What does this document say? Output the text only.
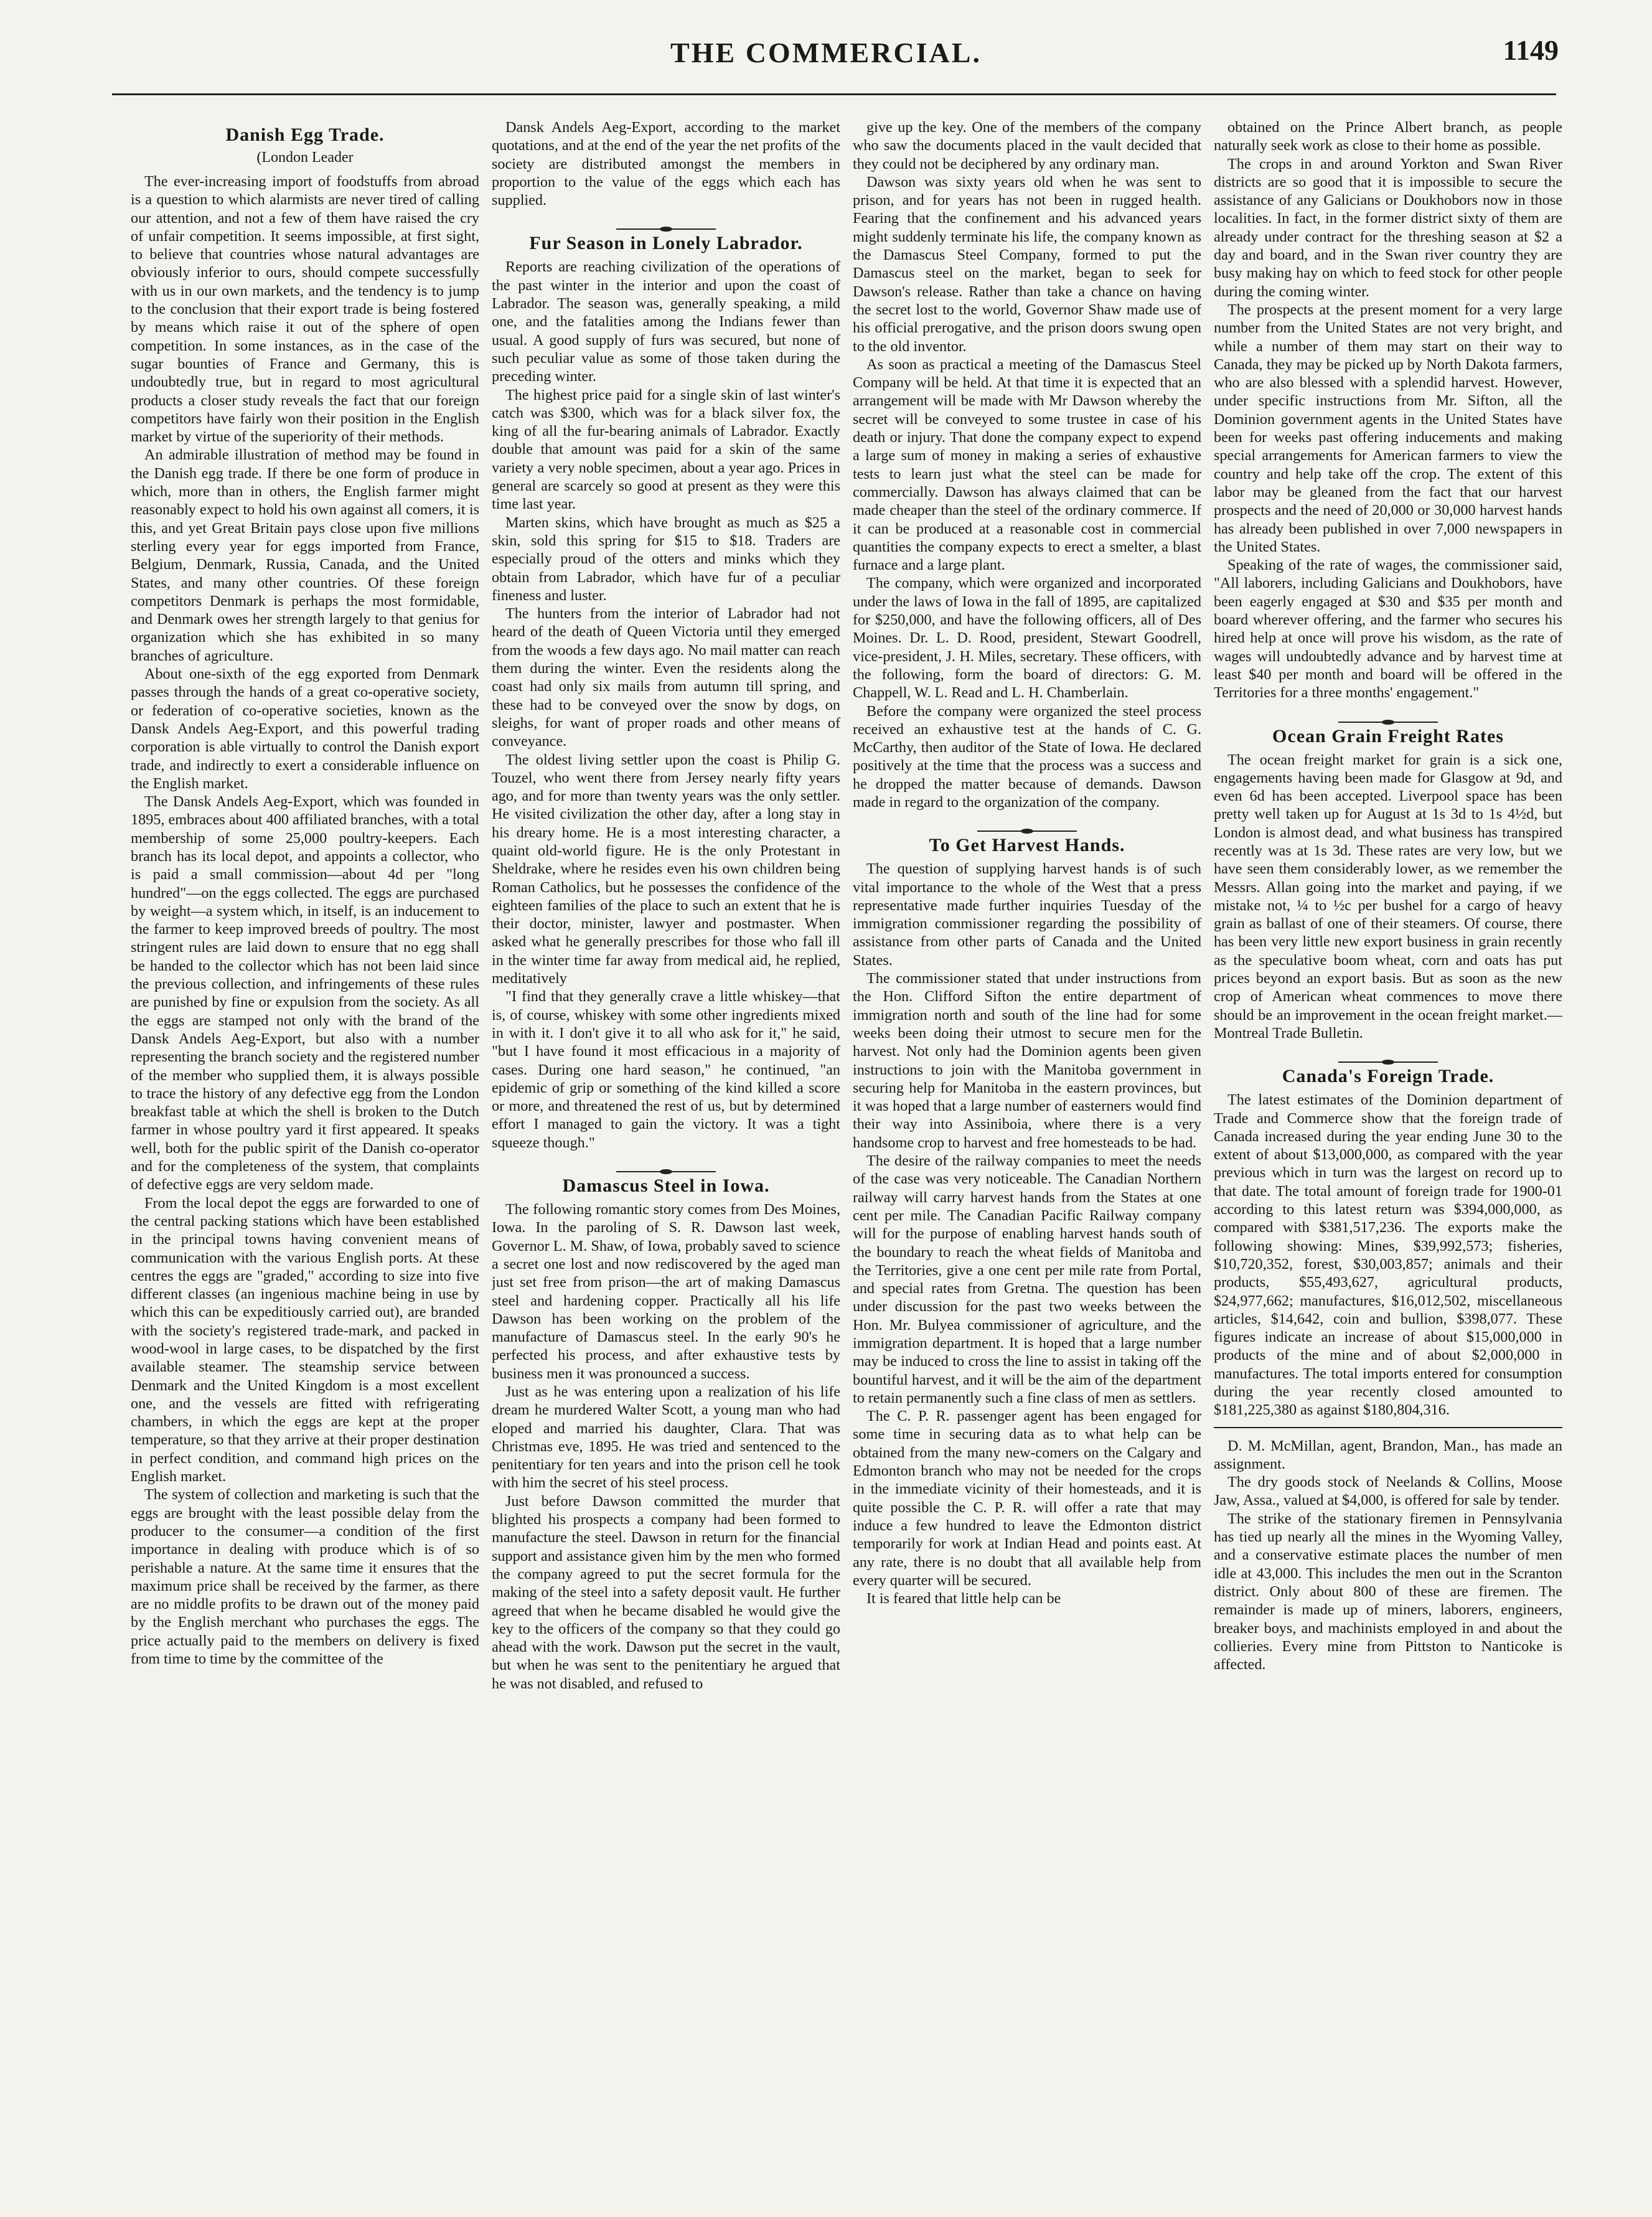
THE COMMERCIAL.	1149
Danish Egg Trade.
(London Leader

The ever-increasing import of foodstuffs from abroad is a question to which alarmists are never tired of calling our attention, and not a few of them have raised the cry of unfair competition. It seems impossible, at first sight, to believe that countries whose natural advantages are obviously inferior to ours, should compete successfully with us in our own markets, and the tendency is to jump to the conclusion that their export trade is being fostered by means which raise it out of the sphere of open competition. In some instances, as in the case of the sugar bounties of France and Germany, this is undoubtedly true, but in regard to most agricultural products a closer study reveals the fact that our foreign competitors have fairly won their position in the English market by virtue of the superiority of their methods.

An admirable illustration of method may be found in the Danish egg trade. If there be one form of produce in which, more than in others, the English farmer might reasonably expect to hold his own against all comers, it is this, and yet Great Britain pays close upon five millions sterling every year for eggs imported from France, Belgium, Denmark, Russia, Canada, and the United States, and many other countries. Of these foreign competitors Denmark is perhaps the most formidable, and Denmark owes her strength largely to that genius for organization which she has exhibited in so many branches of agriculture.

About one-sixth of the egg exported from Denmark passes through the hands of a great co-operative society, or federation of co-operative societies, known as the Dansk Andels Aeg-Export, and this powerful trading corporation is able virtually to control the Danish export trade, and indirectly to exert a considerable influence on the English market.

The Dansk Andels Aeg-Export, which was founded in 1895, embraces about 400 affiliated branches, with a total membership of some 25,000 poultry-keepers. Each branch has its local depot, and appoints a collector, who is paid a small commission—about 4d per "long hundred"—on the eggs collected. The eggs are purchased by weight—a system which, in itself, is an inducement to the farmer to keep improved breeds of poultry. The most stringent rules are laid down to ensure that no egg shall be handed to the collector which has not been laid since the previous collection, and infringements of these rules are punished by fine or expulsion from the society. As all the eggs are stamped not only with the brand of the Dansk Andels Aeg-Export, but also with a number representing the branch society and the registered number of the member who supplied them, it is always possible to trace the history of any defective egg from the London breakfast table at which the shell is broken to the Dutch farmer in whose poultry yard it first appeared. It speaks well, both for the public spirit of the Danish co-operator and for the completeness of the system, that complaints of defective eggs are very seldom made.

From the local depot the eggs are forwarded to one of the central packing stations which have been established in the principal towns having convenient means of communication with the various English ports. At these centres the eggs are "graded," according to size into five different classes (an ingenious machine being in use by which this can be expeditiously carried out), are branded with the society's registered trade-mark, and packed in wood-wool in large cases, to be dispatched by the first available steamer. The steamship service between Denmark and the United Kingdom is a most excellent one, and the vessels are fitted with refrigerating chambers, in which the eggs are kept at the proper temperature, so that they arrive at their proper destination in perfect condition, and command high prices on the English market.

The system of collection and marketing is such that the eggs are brought with the least possible delay from the producer to the consumer—a condition of the first importance in dealing with produce which is of so perishable a nature. At the same time it ensures that the maximum price shall be received by the farmer, as there are no middle profits to be drawn out of the money paid by the English merchant who purchases the eggs. The price actually paid to the members on delivery is fixed from time to time by the committee of the

Dansk Andels Aeg-Export, according to the market quotations, and at the end of the year the net profits of the society are distributed amongst the members in proportion to the value of the eggs which each has supplied.

Fur Season in Lonely Labrador.

Reports are reaching civilization of the operations of the past winter in the interior and upon the coast of Labrador. The season was, generally speaking, a mild one, and the fatalities among the Indians fewer than usual. A good supply of furs was secured, but none of such peculiar value as some of those taken during the preceding winter.

The highest price paid for a single skin of last winter's catch was $300, which was for a black silver fox, the king of all the fur-bearing animals of Labrador. Exactly double that amount was paid for a skin of the same variety a very noble specimen, about a year ago. Prices in general are scarcely so good at present as they were this time last year.

Marten skins, which have brought as much as $25 a skin, sold this spring for $15 to $18. Traders are especially proud of the otters and minks which they obtain from Labrador, which have fur of a peculiar fineness and luster.

The hunters from the interior of Labrador had not heard of the death of Queen Victoria until they emerged from the woods a few days ago. No mail matter can reach them during the winter. Even the residents along the coast had only six mails from autumn till spring, and these had to be conveyed over the snow by dogs, on sleighs, for want of proper roads and other means of conveyance.

The oldest living settler upon the coast is Philip G. Touzel, who went there from Jersey nearly fifty years ago, and for more than twenty years was the only settler. He visited civilization the other day, after a long stay in his dreary home. He is a most interesting character, a quaint old-world figure. He is the only Protestant in Sheldrake, where he resides even his own children being Roman Catholics, but he possesses the confidence of the eighteen families of the place to such an extent that he is their doctor, minister, lawyer and postmaster. When asked what he generally prescribes for those who fall ill in the winter time far away from medical aid, he replied, meditatively

"I find that they generally crave a little whiskey—that is, of course, whiskey with some other ingredients mixed in with it. I don't give it to all who ask for it," he said, "but I have found it most efficacious in a majority of cases. During one hard season," he continued, "an epidemic of grip or something of the kind killed a score or more, and threatened the rest of us, but by determined effort I managed to gain the victory. It was a tight squeeze though."

Damascus Steel in Iowa.

The following romantic story comes from Des Moines, Iowa. In the paroling of S. R. Dawson last week, Governor L. M. Shaw, of Iowa, probably saved to science a secret one lost and now rediscovered by the aged man just set free from prison—the art of making Damascus steel and hardening copper. Practically all his life Dawson has been working on the problem of the manufacture of Damascus steel. In the early 90's he perfected his process, and after exhaustive tests by business men it was pronounced a success.

Just as he was entering upon a realization of his life dream he murdered Walter Scott, a young man who had eloped and married his daughter, Clara. That was Christmas eve, 1895. He was tried and sentenced to the penitentiary for ten years and into the prison cell he took with him the secret of his steel process.

Just before Dawson committed the murder that blighted his prospects a company had been formed to manufacture the steel. Dawson in return for the financial support and assistance given him by the men who formed the company agreed to put the secret formula for the making of the steel into a safety deposit vault. He further agreed that when he became disabled he would give the key to the officers of the company so that they could go ahead with the work. Dawson put the secret in the vault, but when he was sent to the penitentiary he argued that he was not disabled, and refused to

give up the key. One of the members of the company who saw the documents placed in the vault decided that they could not be deciphered by any ordinary man.

Dawson was sixty years old when he was sent to prison, and for years has not been in rugged health. Fearing that the confinement and his advanced years might suddenly terminate his life, the company known as the Damascus Steel Company, formed to put the Damascus steel on the market, began to seek for Dawson's release. Rather than take a chance on having the secret lost to the world, Governor Shaw made use of his official prerogative, and the prison doors swung open to the old inventor.

As soon as practical a meeting of the Damascus Steel Company will be held. At that time it is expected that an arrangement will be made with Mr Dawson whereby the secret will be conveyed to some trustee in case of his death or injury. That done the company expect to expend a large sum of money in making a series of exhaustive tests to learn just what the steel can be made for commercially. Dawson has always claimed that can be made cheaper than the steel of the ordinary commerce. If it can be produced at a reasonable cost in commercial quantities the company expects to erect a smelter, a blast furnace and a large plant.

The company, which were organized and incorporated under the laws of Iowa in the fall of 1895, are capitalized for $250,000, and have the following officers, all of Des Moines. Dr. L. D. Rood, president, Stewart Goodrell, vice-president, J. H. Miles, secretary. These officers, with the following, form the board of directors: G. M. Chappell, W. L. Read and L. H. Chamberlain.

Before the company were organized the steel process received an exhaustive test at the hands of C. G. McCarthy, then auditor of the State of Iowa. He declared positively at the time that the process was a success and he dropped the matter because of demands. Dawson made in regard to the organization of the company.

To Get Harvest Hands.

The question of supplying harvest hands is of such vital importance to the whole of the West that a press representative made further inquiries Tuesday of the immigration commissioner regarding the possibility of assistance from other parts of Canada and the United States.

The commissioner stated that under instructions from the Hon. Clifford Sifton the entire department of immigration north and south of the line had for some weeks been doing their utmost to secure men for the harvest. Not only had the Dominion agents been given instructions to join with the Manitoba government in securing help for Manitoba in the eastern provinces, but it was hoped that a large number of easterners would find their way into Assiniboia, where there is a very handsome crop to harvest and free homesteads to be had.

The desire of the railway companies to meet the needs of the case was very noticeable. The Canadian Northern railway will carry harvest hands from the States at one cent per mile. The Canadian Pacific Railway company will for the purpose of enabling harvest hands south of the boundary to reach the wheat fields of Manitoba and the Territories, give a one cent per mile rate from Portal, and special rates from Gretna. The question has been under discussion for the past two weeks between the Hon. Mr. Bulyea commissioner of agriculture, and the immigration department. It is hoped that a large number may be induced to cross the line to assist in taking off the bountiful harvest, and it will be the aim of the department to retain permanently such a fine class of men as settlers.

The C. P. R. passenger agent has been engaged for some time in securing data as to what help can be obtained from the many new-comers on the Calgary and Edmonton branch who may not be needed for the crops in the immediate vicinity of their homesteads, and it is quite possible the C. P. R. will offer a rate that may induce a few hundred to leave the Edmonton district temporarily for work at Indian Head and points east. At any rate, there is no doubt that all available help from every quarter will be secured.

It is feared that little help can be

obtained on the Prince Albert branch, as people naturally seek work as close to their home as possible.

The crops in and around Yorkton and Swan River districts are so good that it is impossible to secure the assistance of any Galicians or Doukhobors now in those localities. In fact, in the former district sixty of them are already under contract for the threshing season at $2 a day and board, and in the Swan river country they are busy making hay on which to feed stock for other people during the coming winter.

The prospects at the present moment for a very large number from the United States are not very bright, and while a number of them may start on their way to Canada, they may be picked up by North Dakota farmers, who are also blessed with a splendid harvest. However, under specific instructions from Mr. Sifton, all the Dominion government agents in the United States have been for weeks past offering inducements and making special arrangements for American farmers to view the country and help take off the crop. The extent of this labor may be gleaned from the fact that our harvest prospects and the need of 20,000 or 30,000 harvest hands has already been published in over 7,000 newspapers in the United States.

Speaking of the rate of wages, the commissioner said, "All laborers, including Galicians and Doukhobors, have been eagerly engaged at $30 and $35 per month and board wherever offering, and the farmer who secures his hired help at once will prove his wisdom, as the rate of wages will undoubtedly advance and by harvest time at least $40 per month and board will be offered in the Territories for a three months' engagement."

Ocean Grain Freight Rates

The ocean freight market for grain is a sick one, engagements having been made for Glasgow at 9d, and even 6d has been accepted. Liverpool space has been pretty well taken up for August at 1s 3d to 1s 4½d, but London is almost dead, and what business has transpired recently was at 1s 3d. These rates are very low, but we have seen them considerably lower, as we remember the Messrs. Allan going into the market and paying, if we mistake not, ¼ to ½c per bushel for a cargo of heavy grain as ballast of one of their steamers. Of course, there has been very little new export business in grain recently as the speculative boom wheat, corn and oats has put prices beyond an export basis. But as soon as the new crop of American wheat commences to move there should be an improvement in the ocean freight market.—Montreal Trade Bulletin.

Canada's Foreign Trade.

The latest estimates of the Dominion department of Trade and Commerce show that the foreign trade of Canada increased during the year ending June 30 to the extent of about $13,000,000, as compared with the year previous which in turn was the largest on record up to that date. The total amount of foreign trade for 1900-01 according to this latest return was $394,000,000, as compared with $381,517,236. The exports make the following showing: Mines, $39,992,573; fisheries, $10,720,352, forest, $30,003,857; animals and their products, $55,493,627, agricultural products, $24,977,662; manufactures, $16,012,502, miscellaneous articles, $14,642, coin and bullion, $398,077. These figures indicate an increase of about $15,000,000 in products of the mine and of about $2,000,000 in manufactures. The total imports entered for consumption during the year recently closed amounted to $181,225,380 as against $180,804,316.

D. M. McMillan, agent, Brandon, Man., has made an assignment.

The dry goods stock of Neelands & Collins, Moose Jaw, Assa., valued at $4,000, is offered for sale by tender.

The strike of the stationary firemen in Pennsylvania has tied up nearly all the mines in the Wyoming Valley, and a conservative estimate places the number of men idle at 43,000. This includes the men out in the Scranton district. Only about 800 of these are firemen. The remainder is made up of miners, laborers, engineers, breaker boys, and machinists employed in and about the collieries. Every mine from Pittston to Nanticoke is affected.
